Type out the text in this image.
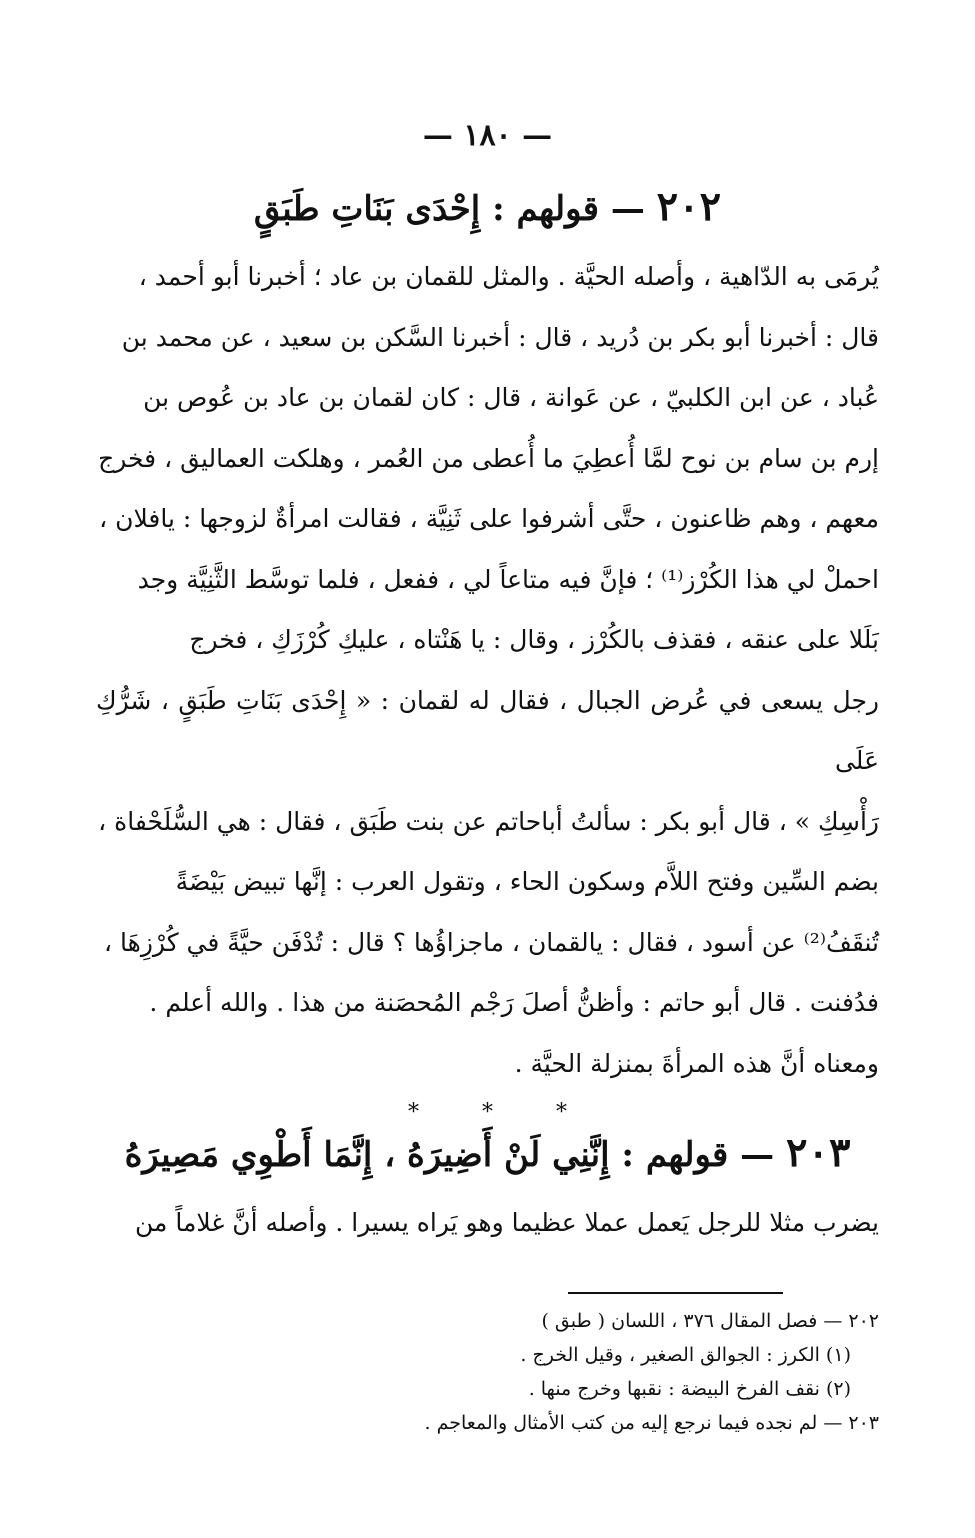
— ١٨٠ —
٢٠٢ — قولهم : إِحْدَى بَنَاتِ طَبَقٍ

يُرمَى به الدّاهية ، وأصله الحيَّة . والمثل للقمان بن عاد ؛ أخبرنا أبو أحمد ،

قال : أخبرنا أبو بكر بن دُريد ، قال : أخبرنا السَّكن بن سعيد ، عن محمد بن

عُباد ، عن ابن الكلبيّ ، عن عَوانة ، قال : كان لقمان بن عاد بن عُوص بن

إرم بن سام بن نوح لمَّا أُعطِيَ ما أُعطى من العُمر ، وهلكت العماليق ، فخرج

معهم ، وهم ظاعنون ، حتَّى أشرفوا على ثَنِيَّة ، فقالت امرأةٌ لزوجها : يافلان ،

احملْ لي هذا الكُرْز⁽¹⁾ ؛ فإنَّ فيه متاعاً لي ، ففعل ، فلما توسَّط الثَّنِيَّة وجد

بَلَلا على عنقه ، فقذف بالكُرْز ، وقال : يا هَنْتاه ، عليكِ كُرْزَكِ ، فخرج

رجل يسعى في عُرض الجبال ، فقال له لقمان : « إِحْدَى بَنَاتِ طَبَقٍ ، شَرُّكِ عَلَى

رَأْسِكِ » ، قال أبو بكر : سألتُ أباحاتم عن بنت طَبَق ، فقال : هي السُّلَحْفاة ،

بضم السِّين وفتح اللاَّم وسكون الحاء ، وتقول العرب : إنَّها تبيض بَيْضَةً

تُنقَفُ⁽²⁾ عن أسود ، فقال : يالقمان ، ماجزاؤُها ؟ قال : تُدْفَن حيَّةً في كُرْزِهَا ،

فدُفنت . قال أبو حاتم : وأظنُّ أصلَ رَجْم المُحصَنة من هذا . والله أعلم .

ومعناه أنَّ هذه المرأةَ بمنزلة الحيَّة .

* * *
٢٠٣ — قولهم : إِنَّنِي لَنْ أَضِيرَهُ ، إِنَّمَا أَطْوِي مَصِيرَهُ

يضرب مثلا للرجل يَعمل عملا عظيما وهو يَراه يسيرا . وأصله أنَّ غلاماً من

٢٠٢ — فصل المقال ٣٧٦ ، اللسان ( طبق )
(١) الكرز : الجوالق الصغير ، وقيل الخرج .
(٢) نقف الفرخ البيضة : نقبها وخرج منها .
٢٠٣ — لم نجده فيما نرجع إليه من كتب الأمثال والمعاجم .
